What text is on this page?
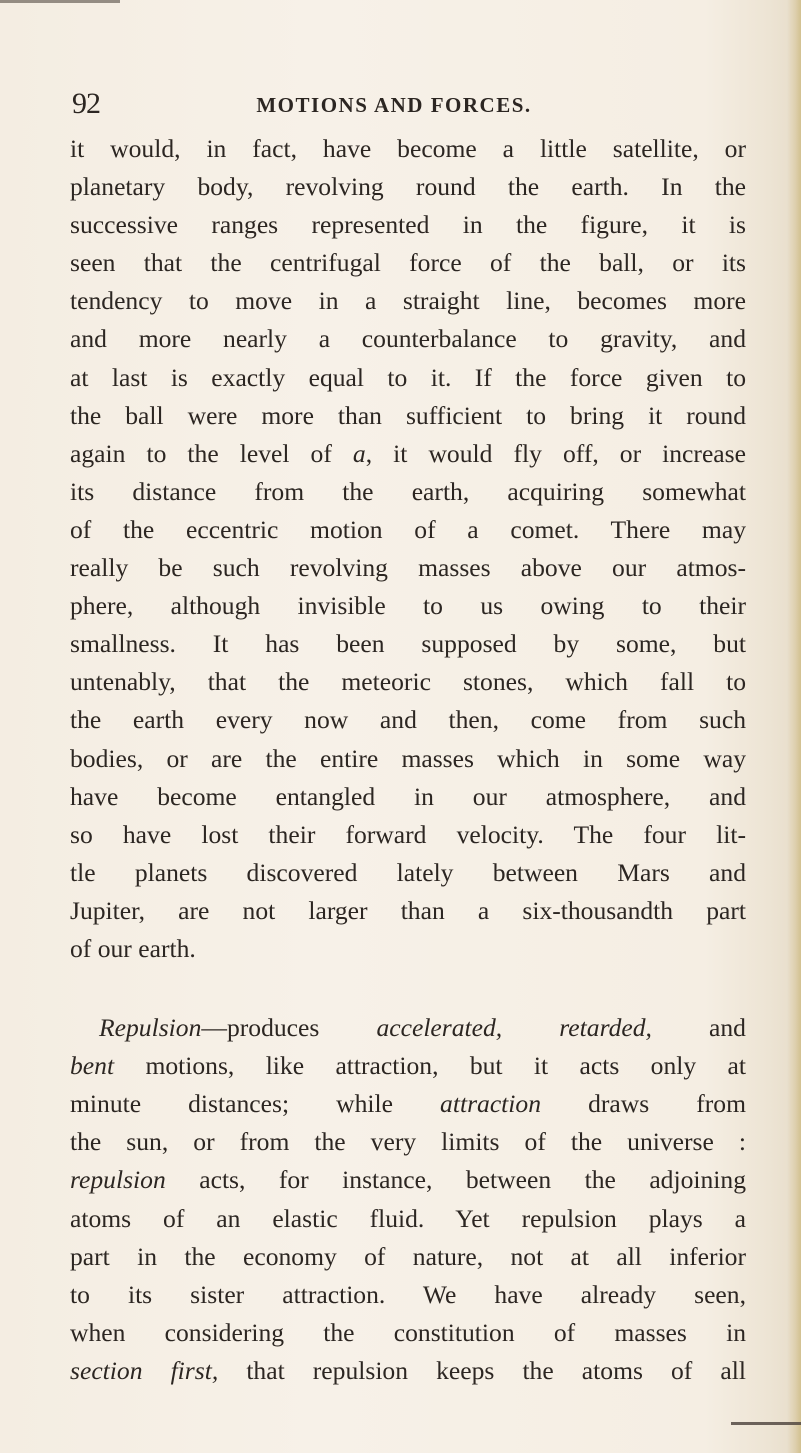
92	MOTIONS AND FORCES.

it would, in fact, have become a little satellite, or
planetary body, revolving round the earth. In the
successive ranges represented in the figure, it is
seen that the centrifugal force of the ball, or its
tendency to move in a straight line, becomes more
and more nearly a counterbalance to gravity, and
at last is exactly equal to it. If the force given to
the ball were more than sufficient to bring it round
again to the level of a, it would fly off, or increase
its distance from the earth, acquiring somewhat
of the eccentric motion of a comet. There may
really be such revolving masses above our atmos-
phere, although invisible to us owing to their
smallness. It has been supposed by some, but
untenably, that the meteoric stones, which fall to
the earth every now and then, come from such
bodies, or are the entire masses which in some way
have become entangled in our atmosphere, and
so have lost their forward velocity. The four lit-
tle planets discovered lately between Mars and
Jupiter, are not larger than a six-thousandth part
of our earth.

Repulsion—produces accelerated, retarded, and
bent motions, like attraction, but it acts only at
minute distances; while attraction draws from
the sun, or from the very limits of the universe :
repulsion acts, for instance, between the adjoining
atoms of an elastic fluid. Yet repulsion plays a
part in the economy of nature, not at all inferior
to its sister attraction. We have already seen,
when considering the constitution of masses in
section first, that repulsion keeps the atoms of all
